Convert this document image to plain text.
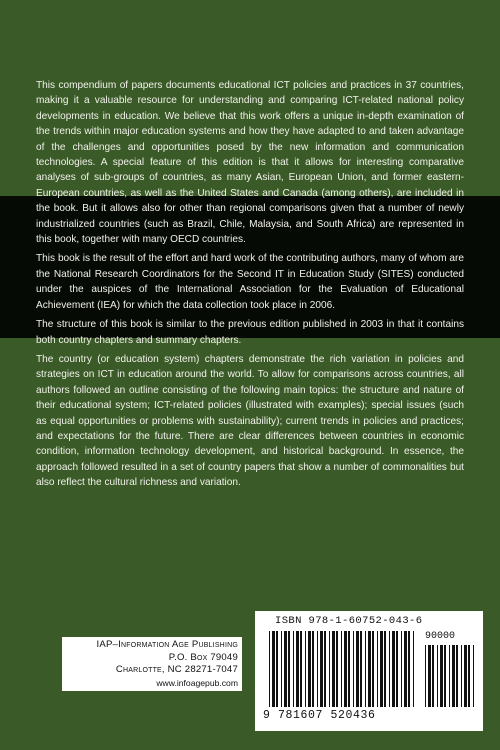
This compendium of papers documents educational ICT policies and practices in 37 countries, making it a valuable resource for understanding and comparing ICT-related national policy developments in education. We believe that this work offers a unique in-depth examination of the trends within major education systems and how they have adapted to and taken advantage of the challenges and opportunities posed by the new information and communication technologies. A special feature of this edition is that it allows for interesting comparative analyses of sub-groups of countries, as many Asian, European Union, and former eastern-European countries, as well as the United States and Canada (among others), are included in the book. But it allows also for other than regional comparisons given that a number of newly industrialized countries (such as Brazil, Chile, Malaysia, and South Africa) are represented in this book, together with many OECD countries.

This book is the result of the effort and hard work of the contributing authors, many of whom are the National Research Coordinators for the Second IT in Education Study (SITES) conducted under the auspices of the International Association for the Evaluation of Educational Achievement (IEA) for which the data collection took place in 2006.

The structure of this book is similar to the previous edition published in 2003 in that it contains both country chapters and summary chapters.

The country (or education system) chapters demonstrate the rich variation in policies and strategies on ICT in education around the world. To allow for comparisons across countries, all authors followed an outline consisting of the following main topics: the structure and nature of their educational system; ICT-related policies (illustrated with examples); special issues (such as equal opportunities or problems with sustainability); current trends in policies and practices; and expectations for the future. There are clear differences between countries in economic condition, information technology development, and historical background. In essence, the approach followed resulted in a set of country papers that show a number of commonalities but also reflect the cultural richness and variation.

IAP–Information Age Publishing
P.O. Box 79049
Charlotte, NC 28271-7047
www.infoagepub.com
ISBN 978-1-60752-043-6
90000
9 781607 520436
